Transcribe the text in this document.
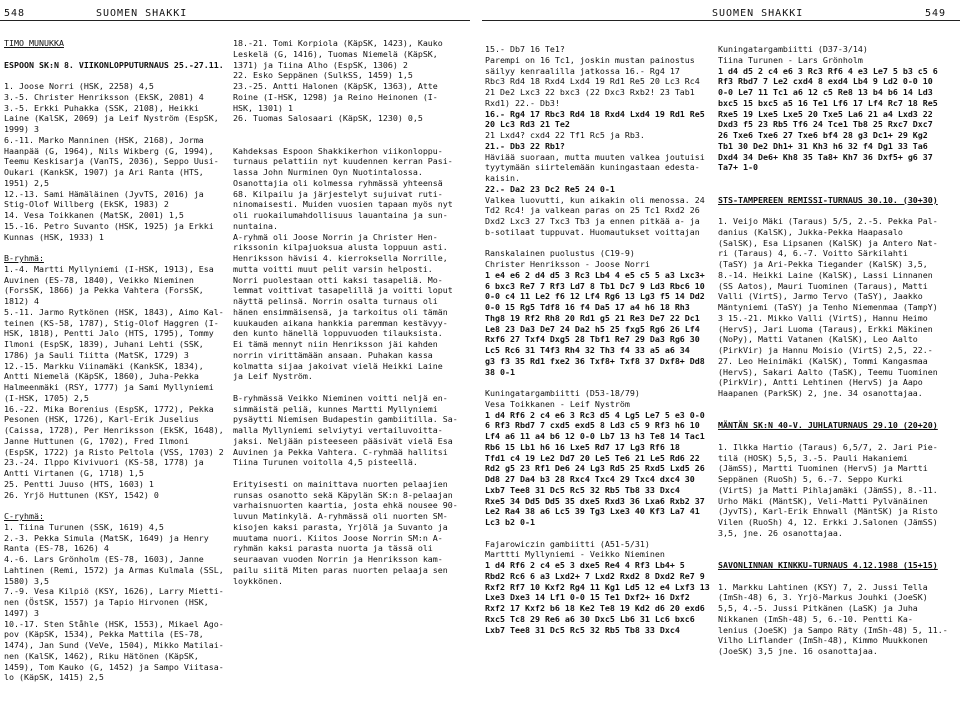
548	SUOMEN SHAKKI	SUOMEN SHAKKI	549

TIMO MUNUKKA

ESPOON SK:N 8. VIIKONLOPPUTURNAUS 25.-27.11.

1. Joose Norri (HSK, 2258) 4,5

3.-5. Christer Henriksson (EkSK, 2081) 4

3.-5. Erkki Puhakka (SSK, 2108), Heikki

Laine (KalSK, 2069) ja Leif Nyström (EspSK,

1999) 3

6.-11. Marko Manninen (HSK, 2168), Jorma

Haanpää (G, 1964), Nils Wikberg (G, 1994),

Teemu Keskisarja (VanTS, 2036), Seppo Uusi-

Oukari (KankSK, 1907) ja Ari Ranta (HTS,

1951) 2,5

12.-13. Sami Hämäläinen (JyvTS, 2016) ja

Stig-Olof Willberg (EkSK, 1983) 2

14. Vesa Toikkanen (MatSK, 2001) 1,5

15.-16. Petro Suvanto (HSK, 1925) ja Erkki

Kunnas (HSK, 1933) 1

B-ryhmä:

1.-4. Martti Myllyniemi (I-HSK, 1913), Esa

Auvinen (ES-78, 1840), Veikko Nieminen

(ForsSK, 1866) ja Pekka Vahtera (ForsSK,

1812) 4

5.-11. Jarmo Rytkönen (HSK, 1843), Aimo Kal-

teinen (KS-58, 1787), Stig-Olof Haggren (I-

HSK, 1818), Pentti Jalo (HTS, 1795), Tommy

Ilmoni (EspSK, 1839), Juhani Lehti (SSK,

1786) ja Sauli Tiitta (MatSK, 1729) 3

12.-15. Markku Viinamäki (KankSK, 1834),

Antti Niemelä (KäpSK, 1860), Juha-Pekka

Halmeenmäki (RSY, 1777) ja Sami Myllyniemi

(I-HSK, 1705) 2,5

16.-22. Mika Borenius (EspSK, 1772), Pekka

Pesonen (HSK, 1726), Karl-Erik Juselius

(Caissa, 1728), Per Henriksson (EkSK, 1648),

Janne Huttunen (G, 1702), Fred Ilmoni

(EspSK, 1722) ja Risto Peltola (VSS, 1703) 2

23.-24. Ilppo Kivivuori (KS-58, 1778) ja

Antti Virtanen (G, 1718) 1,5

25. Pentti Juuso (HTS, 1603) 1

26. Yrjö Huttunen (KSY, 1542) 0

C-ryhmä:

1. Tiina Turunen (SSK, 1619) 4,5

2.-3. Pekka Simula (MatSK, 1649) ja Henry

Ranta (ES-78, 1626) 4

4.-6. Lars Grönholm (ES-78, 1603), Janne

Lahtinen (Remi, 1572) ja Armas Kulmala (SSL,

1580) 3,5

7.-9. Vesa Kilpiö (KSY, 1626), Larry Mietti-

nen (ÖstSK, 1557) ja Tapio Hirvonen (HSK,

1497) 3

10.-17. Sten Ståhle (HSK, 1553), Mikael Ago-

pov (KäpSK, 1534), Pekka Mattila (ES-78,

1474), Jan Sund (VeVe, 1504), Mikko Matilai-

nen (KalSK, 1462), Riku Hätönen (KäpSK,

1459), Tom Kauko (G, 1452) ja Sampo Viitasa-

lo (KäpSK, 1415) 2,5

18.-21. Tomi Korpiola (KäpSK, 1423), Kauko

Leskelä (G, 1416), Tuomas Niemelä (KäpSK,

1371) ja Tiina Alho (EspSK, 1306) 2

22. Esko Seppänen (SulkSS, 1459) 1,5

23.-25. Antti Halonen (KäpSK, 1363), Atte

Roine (I-HSK, 1298) ja Reino Heinonen (I-

HSK, 1301) 1

26. Tuomas Salosaari (KäpSK, 1230) 0,5

Kahdeksas Espoon Shakkikerhon viikonloppu-

turnaus pelattiin nyt kuudennen kerran Pasi-

lassa John Nurminen Oyn Nuotintalossa.

Osanottajia oli kolmessa ryhmässä yhteensä

68. Kilpailu ja järjestelyt sujuivat ruti-

ninomaisesti. Muiden vuosien tapaan myös nyt

oli ruokailumahdollisuus lauantaina ja sun-

nuntaina.

A-ryhmä oli Joose Norrin ja Christer Hen-

rikssonin kilpajuoksua alusta loppuun asti.

Henriksson hävisi 4. kierroksella Norrille,

mutta voitti muut pelit varsin helposti.

Norri puolestaan otti kaksi tasapeliä. Mo-

lemmat voittivat tasapelillä ja voitti loput

näyttä pelinsä. Norrin osalta turnaus oli

hänen ensimmäisensä, ja tarkoitus oli tämän

kuukauden aikana hankkia paremman kestävyy-

den kunto hänellä loppuvuoden tilauksista.

Ei tämä mennyt niin Henriksson jäi kahden

norrin virittämään ansaan. Puhakan kassa

kolmatta sijaa jakoivat vielä Heikki Laine

ja Leif Nyström.

B-ryhmässä Veikko Nieminen voitti neljä en-

simmäistä peliä, kunnes Martti Myllyniemi

pysäytti Niemisen Budapestin gambiitilla. Sa-

malla Myllyniemi selviytyi vertailuvoitta-

jaksi. Neljään pisteeseen pääsivät vielä Esa

Auvinen ja Pekka Vahtera. C-ryhmää hallitsi

Tiina Turunen voitolla 4,5 pisteellä.

Erityisesti on mainittava nuorten pelaajien

runsas osanotto sekä Käpylän SK:n 8-pelaajan

varhaisnuorten kaartia, josta ehkä nousee 90-

luvun Matinkylä. A-ryhmässä oli nuorten SM-

kisojen kaksi parasta, Yrjölä ja Suvanto ja

muutama nuori. Kiitos Joose Norrin SM:n A-

ryhmän kaksi parasta nuorta ja tässä oli

seuraavan vuoden Norrin ja Henriksson kam-

pailu siitä Miten paras nuorten pelaaja sen

loykkönen.

15.- Db7 16 Te1?

Parempi on 16 Tc1, joskin mustan painostus

säilyy kenraalilla jatkossa 16.- Rg4 17

Rbc3 Rd4 18 Rxd4 Lxd4 19 Rd1 Re5 20 Lc3 Rc4

21 De2 Lxc3 22 bxc3 (22 Dxc3 Rxb2! 23 Tab1

Rxd1) 22.- Db3!

16.- Rg4 17 Rbc3 Rd4 18 Rxd4 Lxd4 19 Rd1 Re5

20 Lc3 Rd3 21 Te2

21 Lxd4? cxd4 22 Tf1 Rc5 ja Rb3.

21.- Db3 22 Rb1?

Häviää suoraan, mutta muuten valkea joutuisi

tyytymään siirtelemään kuningastaan edesta-

kaisin.

22.- Da2 23 Dc2 Re5 24 0-1

Valkea luovutti, kun aikakin oli menossa. 24

Td2 Rc4! ja valkean paras on 25 Tc1 Rxd2 26

Dxd2 Lxc3 27 Txc3 Tb3 ja ennen pitkää a- ja

b-sotilaat tuppuvat. Huomautukset voittajan

Ranskalainen puolustus (C19-9)

Christer Henriksson - Joose Norri

1 e4 e6 2 d4 d5 3 Rc3 Lb4 4 e5 c5 5 a3 Lxc3+

6 bxc3 Re7 7 Rf3 Ld7 8 Tb1 Dc7 9 Ld3 Rbc6 10

0-0 c4 11 Le2 f6 12 Lf4 Rg6 13 Lg3 f5 14 Dd2

0-0 15 Rg5 Tdf8 16 f4 Da5 17 a4 h6 18 Rh3

Thg8 19 Rf2 Rh8 20 Rd1 g5 21 Re3 De7 22 Dc1

Le8 23 Da3 De7 24 Da2 h5 25 fxg5 Rg6 26 Lf4

Rxf6 27 Txf4 Dxg5 28 Tbf1 Re7 29 Da3 Rg6 30

Lc5 Rc6 31 T4f3 Rh4 32 Th3 f4 33 a5 a6 34

g3 f3 35 Rd1 fxe2 36 Txf8+ Txf8 37 Dxf8+ Dd8

38 0-1

Kuningatargambiitti (D53-18/79)

Vesa Toikkanen - Leif Nyström

1 d4 Rf6 2 c4 e6 3 Rc3 d5 4 Lg5 Le7 5 e3 0-0

6 Rf3 Rbd7 7 cxd5 exd5 8 Ld3 c5 9 Rf3 h6 10

Lf4 a6 11 a4 b6 12 0-0 Lb7 13 h3 Te8 14 Tac1

Rb6 15 Lb1 h6 16 Lxe5 Rd7 17 Lg3 Rf6 18

Tfd1 c4 19 Le2 Dd7 20 Le5 Te6 21 Le5 Rd6 22

Rd2 g5 23 Rf1 De6 24 Lg3 Rd5 25 Rxd5 Lxd5 26

Dd8 27 Da4 b3 28 Rxc4 Txc4 29 Txc4 dxc4 30

Lxb7 Tee8 31 Dc5 Rc5 32 Rb5 Tb8 33 Dxc4

Rxe5 34 Dd5 Dd5 35 dxe5 Rxd3 36 Lxa6 Rxb2 37

Le2 Ra4 38 a6 Lc5 39 Tg3 Lxe3 40 Kf3 La7 41

Lc3 b2 0-1

Fajarowiczin gambiitti (A51-5/31)

Marttti Myllyniemi - Veikko Nieminen

1 d4 Rf6 2 c4 e5 3 dxe5 Re4 4 Rf3 Lb4+ 5

Rbd2 Rc6 6 a3 Lxd2+ 7 Lxd2 Rxd2 8 Dxd2 Re7 9

Rxf2 Rf7 10 Kxf2 Rg4 11 Kg1 Ld5 12 e4 Lxf3 13

Lxe3 Dxe3 14 Lf1 0-0 15 Te1 Dxf2+ 16 Dxf2

Rxf2 17 Kxf2 b6 18 Ke2 Te8 19 Kd2 d6 20 exd6

Rxc5 Tc8 29 Re6 a6 30 Dxc5 Lb6 31 Lc6 bxc6

Lxb7 Tee8 31 Dc5 Rc5 32 Rb5 Tb8 33 Dxc4

Kuningatargambiitti (D37-3/14)

Tiina Turunen - Lars Grönholm

1 d4 d5 2 c4 e6 3 Rc3 Rf6 4 e3 Le7 5 b3 c5 6

Rf3 Rbd7 7 Le2 cxd4 8 exd4 Lb4 9 Ld2 0-0 10

0-0 Le7 11 Tc1 a6 12 c5 Re8 13 b4 b6 14 Ld3

bxc5 15 bxc5 a5 16 Te1 Lf6 17 Lf4 Rc7 18 Re5

Rxe5 19 Lxe5 Lxe5 20 Txe5 La6 21 a4 Lxd3 22

Dxd3 f5 23 Rb5 Tf6 24 Tce1 Tb8 25 Rxc7 Dxc7

26 Txe6 Txe6 27 Txe6 bf4 28 g3 Dc1+ 29 Kg2

Tb1 30 De2 Dh1+ 31 Kh3 h6 32 f4 Dg1 33 Ta6

Dxd4 34 De6+ Kh8 35 Ta8+ Kh7 36 Dxf5+ g6 37

Ta7+ 1-0

STS-TAMPEREEN REMISSI-TURNAUS 30.10. (30+30)

1. Veijo Mäki (Taraus) 5/5, 2.-5. Pekka Pal-

danius (KalSK), Jukka-Pekka Haapasalo

(SalSK), Esa Lipsanen (KalSK) ja Antero Nat-

ri (Taraus) 4, 6.-7. Voitto Särkilahti

(TaSY) ja Ari-Pekka Tiegander (KalSK) 3,5,

8.-14. Heikki Laine (KalSK), Lassi Linnanen

(SS Aatos), Mauri Tuominen (Taraus), Matti

Valli (VirtS), Jarmo Tervo (TaSY), Jaakko

Mäntyniemi (TaSY) ja Tenho Niemenmaa (TampY)

3 15.-21. Mikko Valli (VirtS), Hannu Heimo

(HervS), Jari Luoma (Taraus), Erkki Mäkinen

(NoPy), Matti Vatanen (KalSK), Leo Aalto

(PirkVir) ja Hannu Moisio (VirtS) 2,5, 22.-

27. Leo Heinimäki (KalSK), Tommi Kangasmaa

(HervS), Sakari Aalto (TaSK), Teemu Tuominen

(PirkVir), Antti Lehtinen (HervS) ja Aapo

Haapanen (ParkSK) 2, jne. 34 osanottajaa.

MÄNTÄN SK:N 40-V. JUHLATURNAUS 29.10 (20+20)

1. Ilkka Hartio (Taraus) 6,5/7, 2. Jari Pie-

tilä (HOSK) 5,5, 3.-5. Pauli Hakaniemi

(JämSS), Martti Tuominen (HervS) ja Martti

Seppänen (RuoSh) 5, 6.-7. Seppo Kurki

(VirtS) ja Matti Pihlajamäki (JämSS), 8.-11.

Urho Mäki (MäntSK), Veli-Matti Pylvänäinen

(JyvTS), Karl-Erik Ehnwall (MäntSK) ja Risto

Vilen (RuoSh) 4, 12. Erkki J.Salonen (JämSS)

3,5, jne. 26 osanottajaa.

SAVONLINNAN KINKKU-TURNAUS 4.12.1988 (15+15)

1. Markku Lahtinen (KSY) 7, 2. Jussi Tella

(ImSh-48) 6, 3. Yrjö-Markus Jouhki (JoeSK)

5,5, 4.-5. Jussi Pitkänen (LaSK) ja Juha

Nikkanen (ImSh-48) 5, 6.-10. Pentti Ka-

lenius (JoeSK) ja Sampo Räty (ImSh-48) 5, 11.-

Vilho Liflander (ImSh-48), Kimmo Muukkonen

(JoeSK) 3,5 jne. 16 osanottajaa.
